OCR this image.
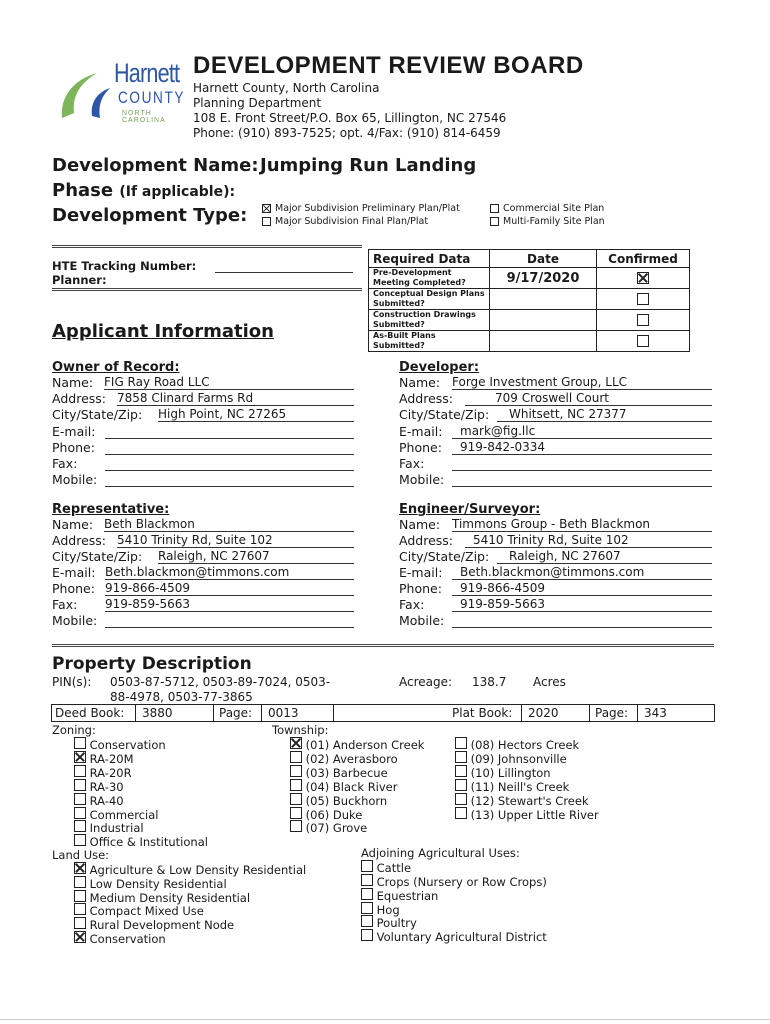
Harnett
COUNTY
NORTH CAROLINA
DEVELOPMENT REVIEW BOARD
Harnett County, North Carolina
Planning Department
108 E. Front Street/P.O. Box 65, Lillington, NC 27546
Phone: (910) 893-7525; opt. 4/Fax: (910) 814-6459
Development Name: Jumping Run Landing
Phase (If applicable):
Development Type:	Major Subdivision Preliminary Plan/Plat
Major Subdivision Final Plan/Plat
Commercial Site Plan
Multi-Family Site Plan
HTE Tracking Number:
Planner:
Required Data	Date	Confirmed
Pre-Development Meeting Completed?	9/17/2020	
Conceptual Design Plans Submitted?		
Construction Drawings Submitted?		
As-Built Plans Submitted?		
Applicant Information
Owner of Record:
Name: FIG Ray Road LLC
Address: 7858 Clinard Farms Rd
City/State/Zip: High Point, NC 27265
E-mail:
Phone:
Fax:
Mobile:
Developer:
Name: Forge Investment Group, LLC
Address:	709 Croswell Court
City/State/Zip:	Whitsett, NC 27377
E-mail:	mark@fig.llc
Phone:	919-842-0334
Fax:
Mobile:
Representative:
Name: Beth Blackmon
Address: 5410 Trinity Rd, Suite 102
City/State/Zip: Raleigh, NC 27607
E-mail: Beth.blackmon@timmons.com
Phone: 919-866-4509
Fax: 919-859-5663
Mobile:
Engineer/Surveyor:
Name: Timmons Group - Beth Blackmon
Address:	5410 Trinity Rd, Suite 102
City/State/Zip:	Raleigh, NC 27607
E-mail:	Beth.blackmon@timmons.com
Phone:	919-866-4509
Fax:	919-859-5663
Mobile:
Property Description
PIN(s): 0503-87-5712, 0503-89-7024, 0503-
88-4978, 0503-77-3865
Acreage: 138.7 Acres
Deed Book: 3880	Page: 0013	Plat Book: 2020	Page: 343
Zoning:
Conservation
RA-20M
RA-20R
RA-30
RA-40
Commercial
Industrial
Office & Institutional
Township:
(01) Anderson Creek
(02) Averasboro
(03) Barbecue
(04) Black River
(05) Buckhorn
(06) Duke
(07) Grove
(08) Hectors Creek
(09) Johnsonville
(10) Lillington
(11) Neill's Creek
(12) Stewart's Creek
(13) Upper Little River
Land Use:
Agriculture & Low Density Residential
Low Density Residential
Medium Density Residential
Compact Mixed Use
Rural Development Node
Conservation
Adjoining Agricultural Uses:
Cattle
Crops (Nursery or Row Crops)
Equestrian
Hog
Poultry
Voluntary Agricultural District
